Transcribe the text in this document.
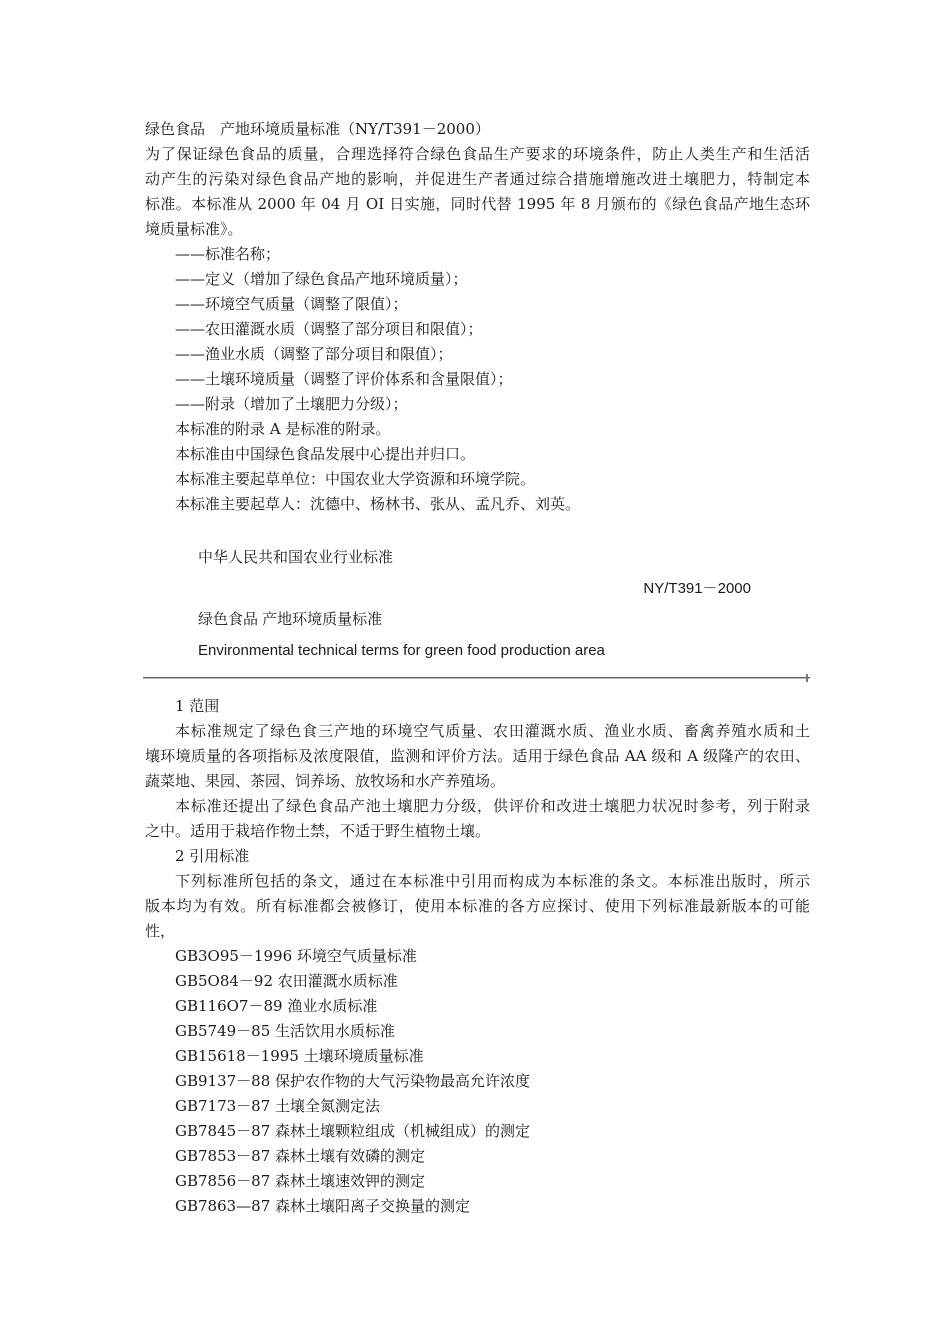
绿色食品　产地环境质量标准（NY/T391－2000）
为了保证绿色食品的质量，合理选择符合绿色食品生产要求的环境条件，防止人类生产和生活活
动产生的污染对绿色食品产地的影响，并促进生产者通过综合措施增施改进土壤肥力，特制定本
标准。本标准从 2000 年 04 月 OI 日实施，同时代替 1995 年 8 月颁布的《绿色食品产地生态环
境质量标准》。
——标准名称；
——定义（增加了绿色食品产地环境质量）；
——环境空气质量（调整了限值）；
——农田灌溉水质（调整了部分项目和限值）；
——渔业水质（调整了部分项目和限值）；
——土壤环境质量（调整了评价体系和含量限值）；
——附录（增加了土壤肥力分级）；
本标准的附录 A 是标准的附录。
本标准由中国绿色食品发展中心提出并归口。
本标准主要起草单位：中国农业大学资源和环境学院。
本标准主要起草人：沈德中、杨林书、张从、孟凡乔、刘英。
中华人民共和国农业行业标准
NY/T391－2000
绿色食品 产地环境质量标准
Environmental technical terms for green food production area
1 范围
本标准规定了绿色食三产地的环境空气质量、农田灌溉水质、渔业水质、畜禽养殖水质和土
壤环境质量的各项指标及浓度限值，监测和评价方法。适用于绿色食品 AA 级和 A 级隆产的农田、
蔬菜地、果园、茶园、饲养场、放牧场和水产养殖场。
本标准还提出了绿色食品产池土壤肥力分级，供评价和改进土壤肥力状况时参考，列于附录
之中。适用于栽培作物土禁，不适于野生植物土壤。
2 引用标准
下列标准所包括的条文，通过在本标准中引用而构成为本标准的条文。本标准出版时，所示
版本均为有效。所有标准都会被修订，使用本标准的各方应探讨、使用下列标准最新版本的可能
性，
GB3O95－1996 环境空气质量标准
GB5O84－92 农田灌溉水质标准
GB116O7－89 渔业水质标准
GB5749－85 生活饮用水质标准
GB15618－1995 土壤环境质量标准
GB9137－88 保护农作物的大气污染物最高允许浓度
GB7173－87 土壤全氮测定法
GB7845－87 森林土壤颗粒组成（机械组成）的测定
GB7853－87 森林土壤有效磷的测定
GB7856－87 森林土壤速效钾的测定
GB7863—87 森林土壤阳离子交换量的测定
